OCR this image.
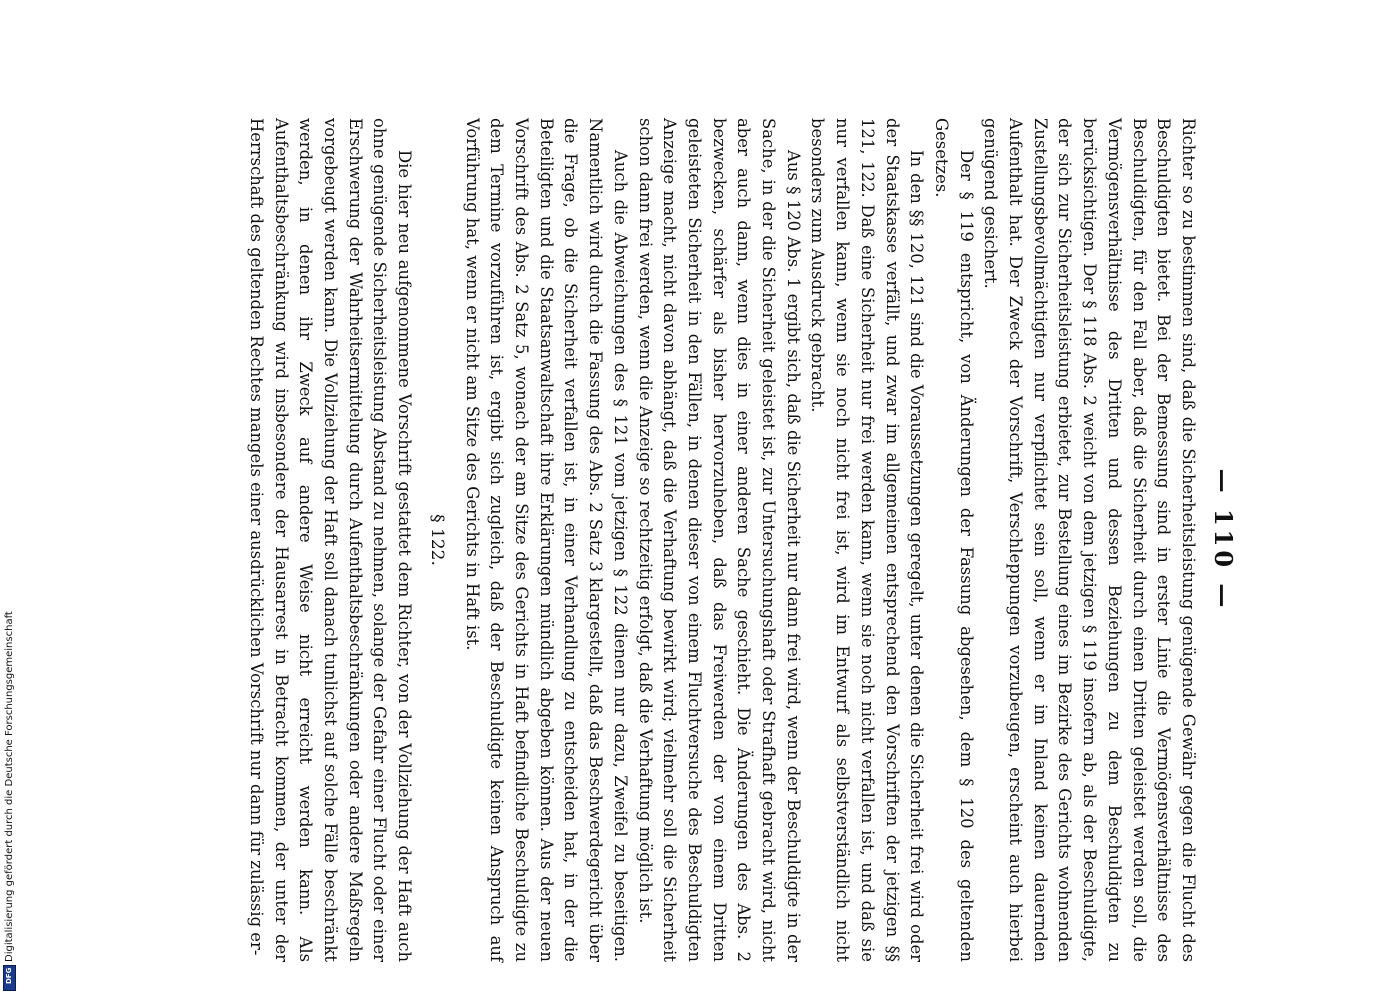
— 110 —

Richter so zu bestimmen sind, daß die Sicherheitsleistung genügende Gewähr gegen die Flucht des Beschuldigten bietet. Bei der Bemessung sind in erster Linie die Vermögensverhältnisse des Beschuldigten, für den Fall aber, daß die Sicherheit durch einen Dritten geleistet werden soll, die Vermögensverhältnisse des Dritten und dessen Beziehungen zu dem Beschuldigten zu berücksichtigen. Der § 118 Abs. 2 weicht von dem jetzigen § 119 insofern ab, als der Beschuldigte, der sich zur Sicherheitsleistung erbietet, zur Bestellung eines im Bezirke des Gerichts wohnenden Zustellungsbevollmächtigten nur verpflichtet sein soll, wenn er im Inland keinen dauernden Aufenthalt hat. Der Zweck der Vorschrift, Verschleppungen vorzubeugen, erscheint auch hierbei genügend gesichert.

Der § 119 entspricht, von Änderungen der Fassung abgesehen, dem § 120 des geltenden Gesetzes.

In den §§ 120, 121 sind die Voraussetzungen geregelt, unter denen die Sicherheit frei wird oder der Staatskasse verfällt, und zwar im allgemeinen entsprechend den Vorschriften der jetzigen §§ 121, 122. Daß eine Sicherheit nur frei werden kann, wenn sie noch nicht verfallen ist, und daß sie nur verfallen kann, wenn sie noch nicht frei ist, wird im Entwurf als selbstverständlich nicht besonders zum Ausdruck gebracht.

Aus § 120 Abs. 1 ergibt sich, daß die Sicherheit nur dann frei wird, wenn der Beschuldigte in der Sache, in der die Sicherheit geleistet ist, zur Untersuchungshaft oder Strafhaft gebracht wird, nicht aber auch dann, wenn dies in einer anderen Sache geschieht. Die Änderungen des Abs. 2 bezwecken, schärfer als bisher hervorzuheben, daß das Freiwerden der von einem Dritten geleisteten Sicherheit in den Fällen, in denen dieser von einem Fluchtversuche des Beschuldigten Anzeige macht, nicht davon abhängt, daß die Verhaftung bewirkt wird; vielmehr soll die Sicherheit schon dann frei werden, wenn die Anzeige so rechtzeitig erfolgt, daß die Verhaftung möglich ist.

Auch die Abweichungen des § 121 vom jetzigen § 122 dienen nur dazu, Zweifel zu beseitigen. Namentlich wird durch die Fassung des Abs. 2 Satz 3 klargestellt, daß das Beschwerdegericht über die Frage, ob die Sicherheit verfallen ist, in einer Verhandlung zu entscheiden hat, in der die Beteiligten und die Staatsanwaltschaft ihre Erklärungen mündlich abgeben können. Aus der neuen Vorschrift des Abs. 2 Satz 5, wonach der am Sitze des Gerichts in Haft befindliche Beschuldigte zu dem Termine vorzuführen ist, ergibt sich zugleich, daß der Beschuldigte keinen Anspruch auf Vorführung hat, wenn er nicht am Sitze des Gerichts in Haft ist.

§ 122.

Die hier neu aufgenommene Vorschrift gestattet dem Richter, von der Vollziehung der Haft auch ohne genügende Sicherheitsleistung Abstand zu nehmen, solange der Gefahr einer Flucht oder einer Erschwerung der Wahrheitsermittelung durch Aufenthaltsbeschränkungen oder andere Maßregeln vorgebeugt werden kann. Die Vollziehung der Haft soll danach tunlichst auf solche Fälle beschränkt werden, in denen ihr Zweck auf andere Weise nicht erreicht werden kann. Als Aufenthaltsbeschränkung wird insbesondere der Hausarrest in Betracht kommen, der unter der Herrschaft des geltenden Rechtes mangels einer ausdrücklichen Vorschrift nur dann für zulässig er-

Digitalisierung gefördert durch die Deutsche Forschungsgemeinschaft
DFG
